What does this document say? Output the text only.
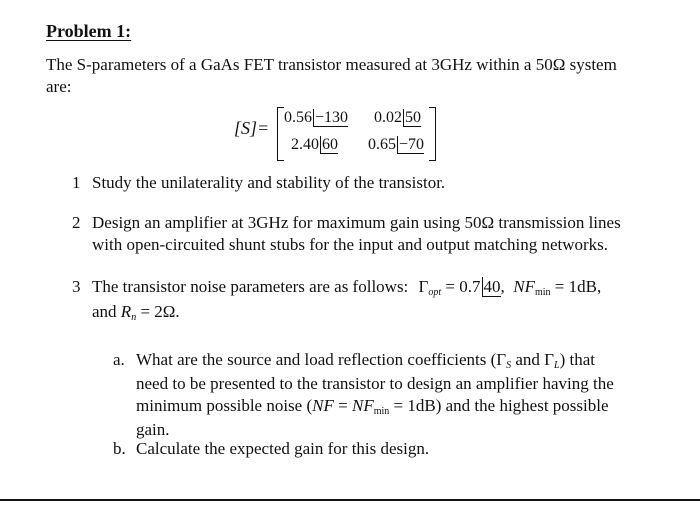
Problem 1:
The S-parameters of a GaAs FET transistor measured at 3GHz within a 50Ω system
are:
[S]=
0.56 −130 0.02 50
2.40 60 0.65 −70
1 Study the unilaterality and stability of the transistor.
2 Design an amplifier at 3GHz for maximum gain using 50Ω transmission lines
with open-circuited shunt stubs for the input and output matching networks.
3 The transistor noise parameters are as follows: $\Gamma_{opt} = 0.7$ 40,  $NF_{min} = 1dB$,
and $R_n = 2\Omega$.
a. What are the source and load reflection coefficients ($\Gamma_S$ and $\Gamma_L$) that
need to be presented to the transistor to design an amplifier having the
minimum possible noise $(NF = NF_{min} = 1dB)$ and the highest possible
gain.
b. Calculate the expected gain for this design.
